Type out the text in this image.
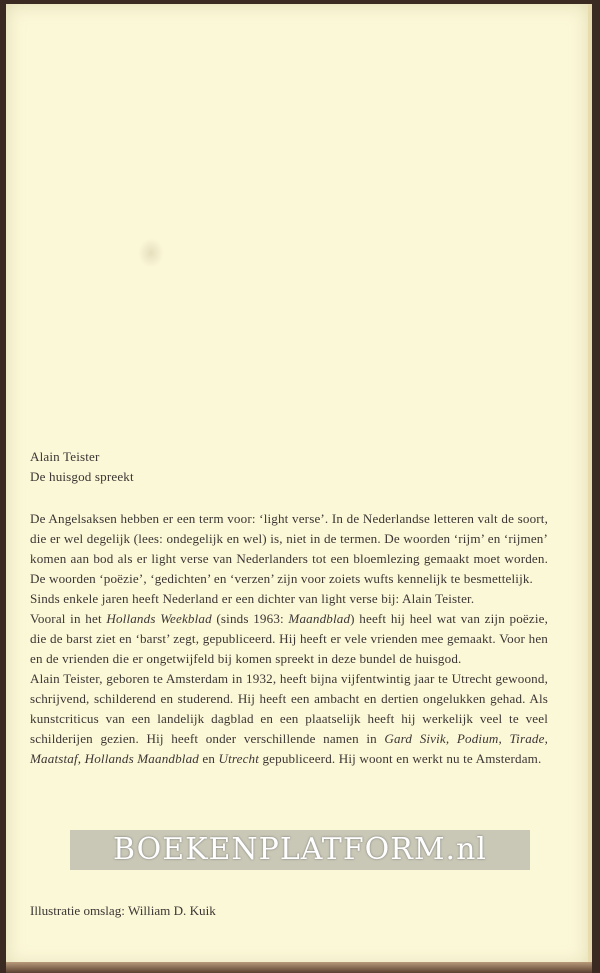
Alain Teister
De huisgod spreekt

De Angelsaksen hebben er een term voor: ‘light verse’. In de Nederlandse letteren valt de soort, die er wel degelijk (lees: ondegelijk en wel) is, niet in de termen. De woorden ‘rijm’ en ‘rijmen’ komen aan bod als er light verse van Nederlanders tot een bloemlezing gemaakt moet worden. De woorden ‘poëzie’, ‘gedichten’ en ‘verzen’ zijn voor zoiets wufts kennelijk te besmettelijk.

Sinds enkele jaren heeft Nederland er een dichter van light verse bij: Alain Teister.

Vooral in het Hollands Weekblad (sinds 1963: Maandblad) heeft hij heel wat van zijn poëzie, die de barst ziet en ‘barst’ zegt, gepubliceerd. Hij heeft er vele vrienden mee gemaakt. Voor hen en de vrienden die er ongetwijfeld bij komen spreekt in deze bundel de huisgod.

Alain Teister, geboren te Amsterdam in 1932, heeft bijna vijfentwintig jaar te Utrecht gewoond, schrijvend, schilderend en studerend. Hij heeft een ambacht en dertien ongelukken gehad. Als kunstcriticus van een landelijk dagblad en een plaatselijk heeft hij werkelijk veel te veel schilderijen gezien. Hij heeft onder verschillende namen in Gard Sivik, Podium, Tirade, Maatstaf, Hollands Maandblad en Utrecht gepubliceerd. Hij woont en werkt nu te Amsterdam.

Illustratie omslag: William D. Kuik
BOEKENPLATFORM.nl
